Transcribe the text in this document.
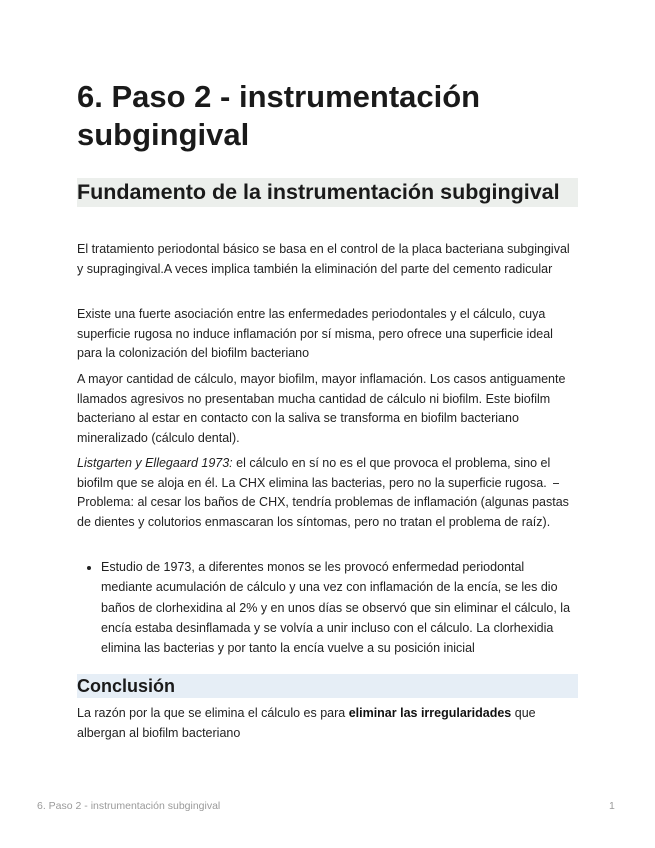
6. Paso 2 - instrumentación subgingival
Fundamento de la instrumentación subgingival

El tratamiento periodontal básico se basa en el control de la placa bacteriana subgingival y supragingival.A veces implica también la eliminación del parte del cemento radicular

Existe una fuerte asociación entre las enfermedades periodontales y el cálculo, cuya superficie rugosa no induce inflamación por sí misma, pero ofrece una superficie ideal para la colonización del biofilm bacteriano

A mayor cantidad de cálculo, mayor biofilm, mayor inflamación. Los casos antiguamente llamados agresivos no presentaban mucha cantidad de cálculo ni biofilm. Este biofilm bacteriano al estar en contacto con la saliva se transforma en biofilm bacteriano mineralizado (cálculo dental).

Listgarten y Ellegaard 1973: el cálculo en sí no es el que provoca el problema, sino el biofilm que se aloja en él. La CHX elimina las bacterias, pero no la superficie rugosa. Problema: al cesar los baños de CHX, tendría problemas de inflamación (algunas pastas de dientes y colutorios enmascaran los síntomas, pero no tratan el problema de raíz).

• Estudio de 1973, a diferentes monos se les provocó enfermedad periodontal mediante acumulación de cálculo y una vez con inflamación de la encía, se les dio baños de clorhexidina al 2% y en unos días se observó que sin eliminar el cálculo, la encía estaba desinflamada y se volvía a unir incluso con el cálculo. La clorhexidia elimina las bacterias y por tanto la encía vuelve a su posición inicial
Conclusión

La razón por la que se elimina el cálculo es para eliminar las irregularidades que albergan al biofilm bacteriano

6. Paso 2 - instrumentación subgingival	1
